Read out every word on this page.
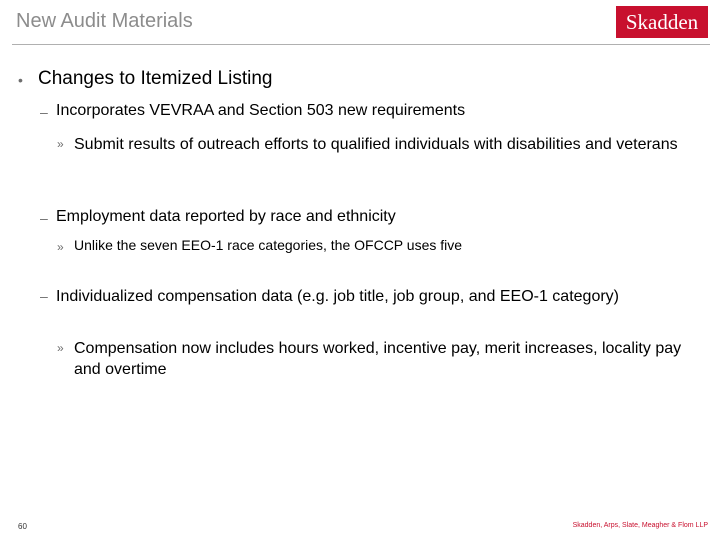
New Audit Materials	Skadden
• Changes to Itemized Listing
– Incorporates VEVRAA and Section 503 new requirements
» Submit results of outreach efforts to qualified individuals with disabilities and veterans
– Employment data reported by race and ethnicity
» Unlike the seven EEO-1 race categories, the OFCCP uses five
– Individualized compensation data (e.g. job title, job group, and EEO-1 category)
» Compensation now includes hours worked, incentive pay, merit increases, locality pay and overtime
60	Skadden, Arps, Slate, Meagher & Flom LLP
